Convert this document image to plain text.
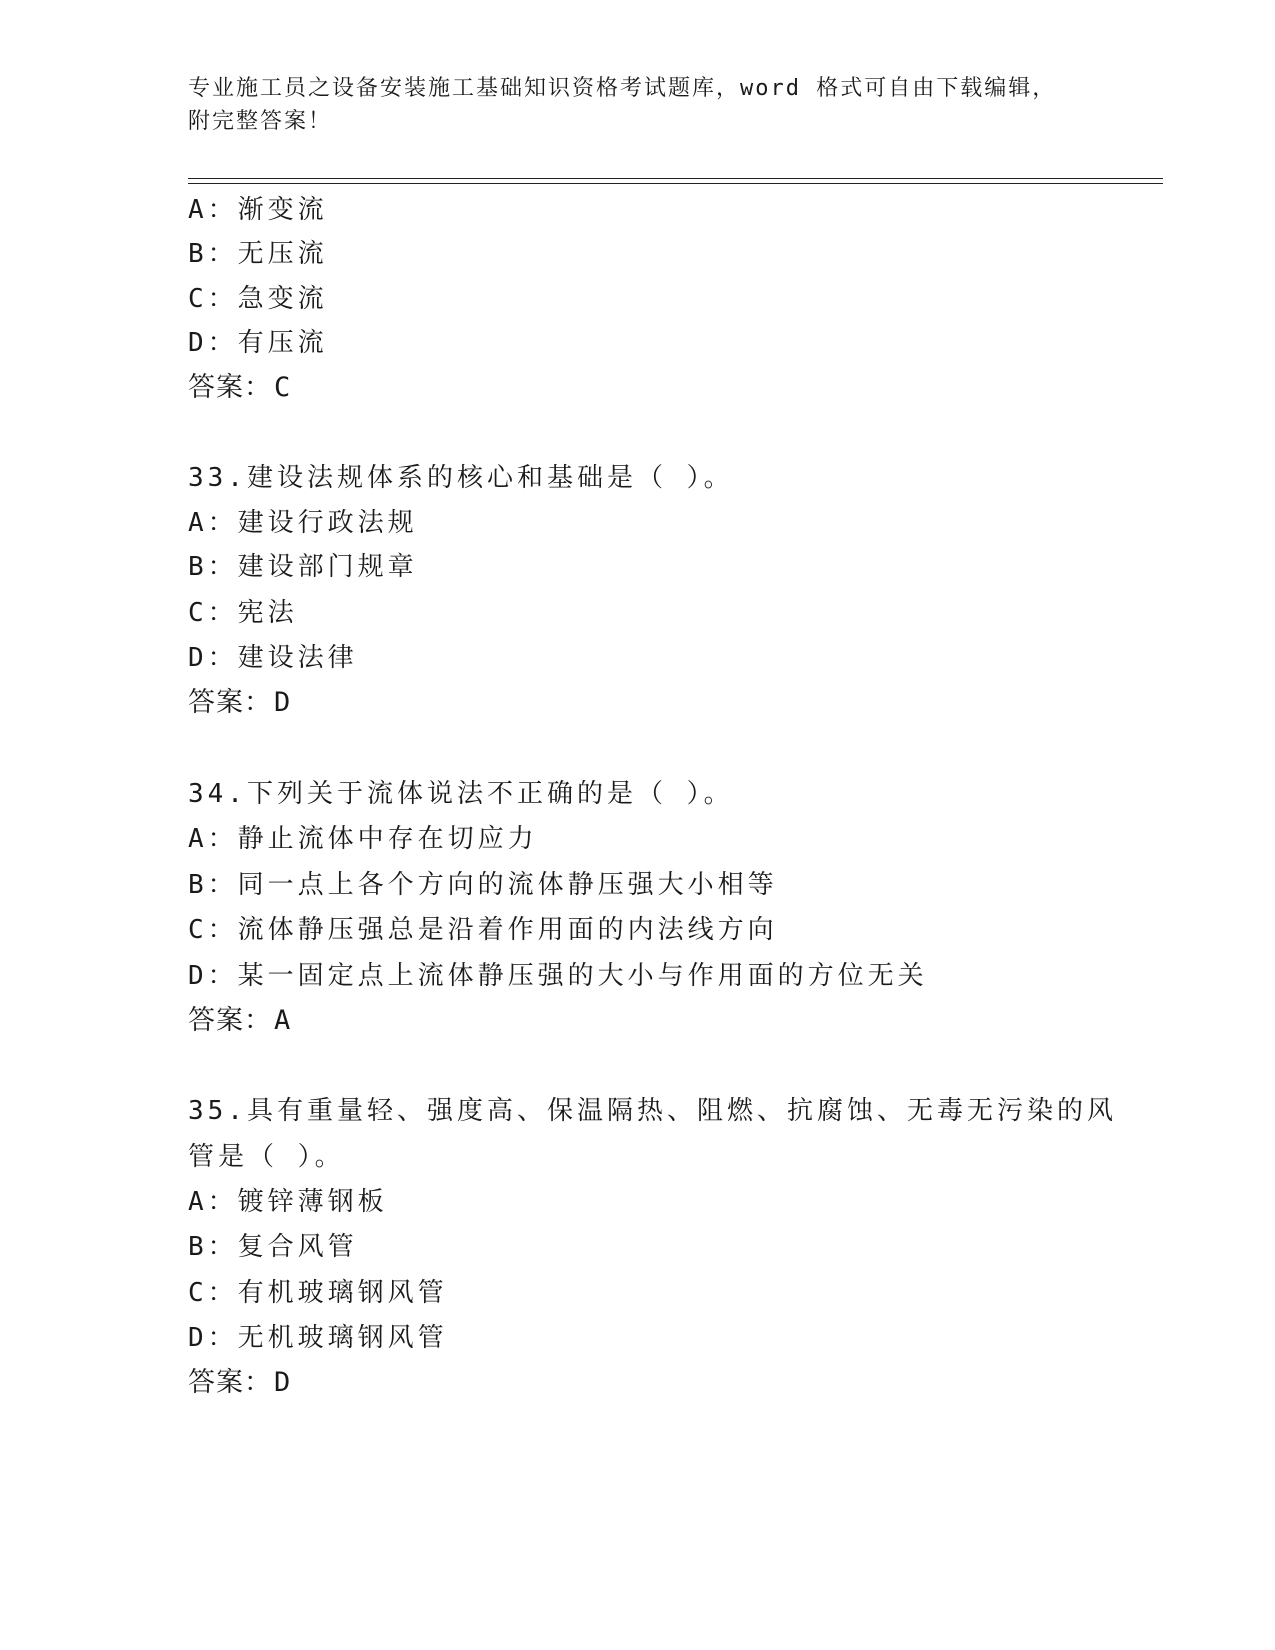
专业施工员之设备安装施工基础知识资格考试题库，word 格式可自由下载编辑，
附完整答案！
A：渐变流
B：无压流
C：急变流
D：有压流
答案：C
33.建设法规体系的核心和基础是（ ）。
A：建设行政法规
B：建设部门规章
C：宪法
D：建设法律
答案：D
34.下列关于流体说法不正确的是（ ）。
A：静止流体中存在切应力
B：同一点上各个方向的流体静压强大小相等
C：流体静压强总是沿着作用面的内法线方向
D：某一固定点上流体静压强的大小与作用面的方位无关
答案：A
35.具有重量轻、强度高、保温隔热、阻燃、抗腐蚀、无毒无污染的风
管是（ ）。
A：镀锌薄钢板
B：复合风管
C：有机玻璃钢风管
D：无机玻璃钢风管
答案：D
